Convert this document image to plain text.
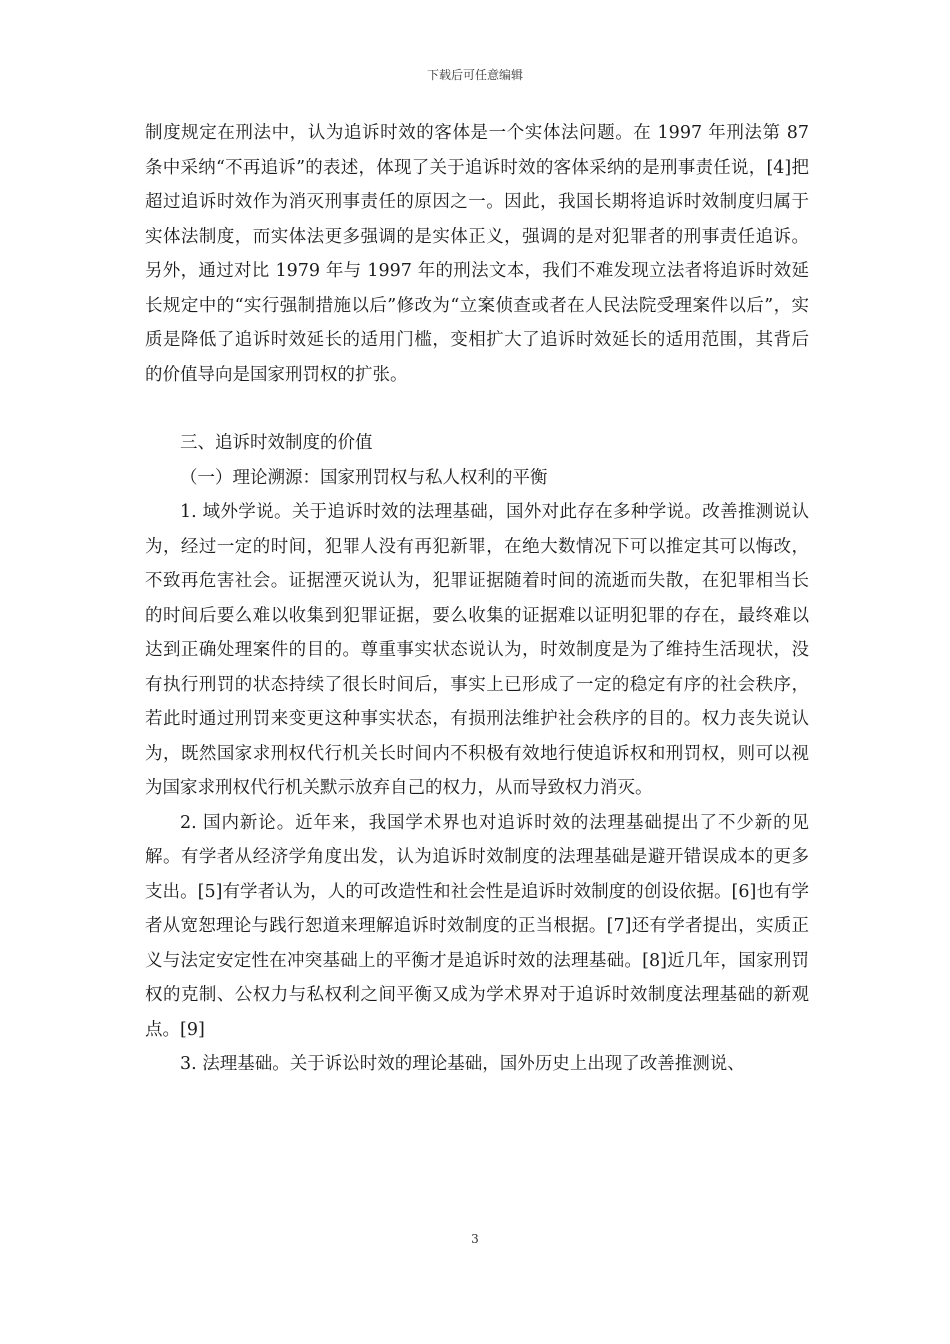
下载后可任意编辑

制度规定在刑法中，认为追诉时效的客体是一个实体法问题。在 1997 年刑法第 87 条中采纳“不再追诉”的表述，体现了关于追诉时效的客体采纳的是刑事责任说，[4]把超过追诉时效作为消灭刑事责任的原因之一。因此，我国长期将追诉时效制度归属于实体法制度，而实体法更多强调的是实体正义，强调的是对犯罪者的刑事责任追诉。另外，通过对比 1979 年与 1997 年的刑法文本，我们不难发现立法者将追诉时效延长规定中的“实行强制措施以后”修改为“立案侦查或者在人民法院受理案件以后”，实质是降低了追诉时效延长的适用门槛，变相扩大了追诉时效延长的适用范围，其背后的价值导向是国家刑罚权的扩张。

三、追诉时效制度的价值

（一）理论溯源：国家刑罚权与私人权利的平衡

1. 域外学说。关于追诉时效的法理基础，国外对此存在多种学说。改善推测说认为，经过一定的时间，犯罪人没有再犯新罪，在绝大数情况下可以推定其可以悔改，不致再危害社会。证据湮灭说认为，犯罪证据随着时间的流逝而失散，在犯罪相当长的时间后要么难以收集到犯罪证据，要么收集的证据难以证明犯罪的存在，最终难以达到正确处理案件的目的。尊重事实状态说认为，时效制度是为了维持生活现状，没有执行刑罚的状态持续了很长时间后，事实上已形成了一定的稳定有序的社会秩序，若此时通过刑罚来变更这种事实状态，有损刑法维护社会秩序的目的。权力丧失说认为，既然国家求刑权代行机关长时间内不积极有效地行使追诉权和刑罚权，则可以视为国家求刑权代行机关默示放弃自己的权力，从而导致权力消灭。

2. 国内新论。近年来，我国学术界也对追诉时效的法理基础提出了不少新的见解。有学者从经济学角度出发，认为追诉时效制度的法理基础是避开错误成本的更多支出。[5]有学者认为，人的可改造性和社会性是追诉时效制度的创设依据。[6]也有学者从宽恕理论与践行恕道来理解追诉时效制度的正当根据。[7]还有学者提出，实质正义与法定安定性在冲突基础上的平衡才是追诉时效的法理基础。[8]近几年，国家刑罚权的克制、公权力与私权利之间平衡又成为学术界对于追诉时效制度法理基础的新观点。[9]

3. 法理基础。关于诉讼时效的理论基础，国外历史上出现了改善推测说、

3
